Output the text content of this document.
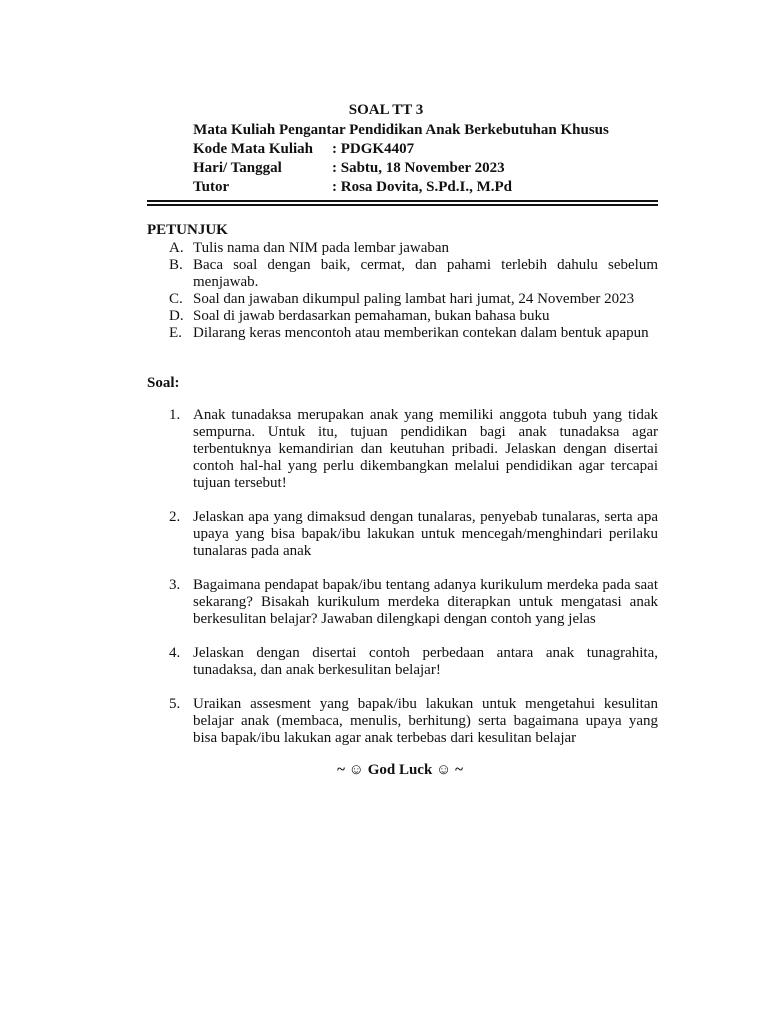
SOAL TT 3
Mata Kuliah Pengantar Pendidikan Anak Berkebutuhan Khusus
Kode Mata Kuliah : PDGK4407
Hari/ Tanggal	: Sabtu, 18 November 2023
Tutor	: Rosa Dovita, S.Pd.I., M.Pd
PETUNJUK
A. Tulis nama dan NIM pada lembar jawaban
B. Baca soal dengan baik, cermat, dan pahami terlebih dahulu sebelum menjawab.
C. Soal dan jawaban dikumpul paling lambat hari jumat, 24 November 2023
D. Soal di jawab berdasarkan pemahaman, bukan bahasa buku
E. Dilarang keras mencontoh atau memberikan contekan dalam bentuk apapun
Soal:
1. Anak tunadaksa merupakan anak yang memiliki anggota tubuh yang tidak sempurna. Untuk itu, tujuan pendidikan bagi anak tunadaksa agar terbentuknya kemandirian dan keutuhan pribadi. Jelaskan dengan disertai contoh hal-hal yang perlu dikembangkan melalui pendidikan agar tercapai tujuan tersebut!
2. Jelaskan apa yang dimaksud dengan tunalaras, penyebab tunalaras, serta apa upaya yang bisa bapak/ibu lakukan untuk mencegah/menghindari perilaku tunalaras pada anak
3. Bagaimana pendapat bapak/ibu tentang adanya kurikulum merdeka pada saat sekarang? Bisakah kurikulum merdeka diterapkan untuk mengatasi anak berkesulitan belajar? Jawaban dilengkapi dengan contoh yang jelas
4. Jelaskan dengan disertai contoh perbedaan antara anak tunagrahita, tunadaksa, dan anak berkesulitan belajar!
5. Uraikan assesment yang bapak/ibu lakukan untuk mengetahui kesulitan belajar anak (membaca, menulis, berhitung) serta bagaimana upaya yang bisa bapak/ibu lakukan agar anak terbebas dari kesulitan belajar
~ ☺ God Luck ☺ ~
